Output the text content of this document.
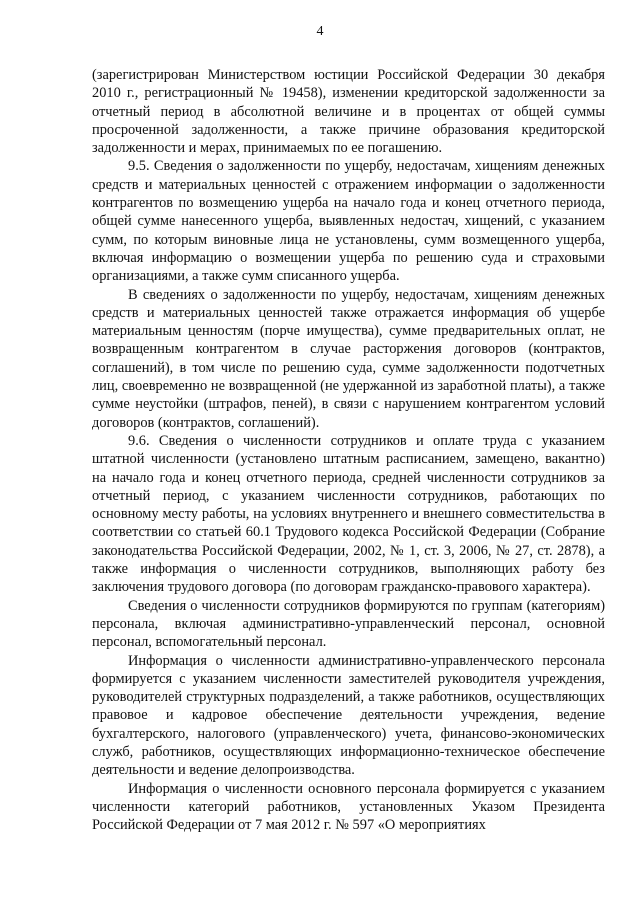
4

(зарегистрирован Министерством юстиции Российской Федерации 30 декабря 2010 г., регистрационный № 19458), изменении кредиторской задолженности за отчетный период в абсолютной величине и в процентах от общей суммы просроченной задолженности, а также причине образования кредиторской задолженности и мерах, принимаемых по ее погашению.

9.5. Сведения о задолженности по ущербу, недостачам, хищениям денежных средств и материальных ценностей с отражением информации о задолженности контрагентов по возмещению ущерба на начало года и конец отчетного периода, общей сумме нанесенного ущерба, выявленных недостач, хищений, с указанием сумм, по которым виновные лица не установлены, сумм возмещенного ущерба, включая информацию о возмещении ущерба по решению суда и страховыми организациями, а также сумм списанного ущерба.

В сведениях о задолженности по ущербу, недостачам, хищениям денежных средств и материальных ценностей также отражается информация об ущербе материальным ценностям (порче имущества), сумме предварительных оплат, не возвращенным контрагентом в случае расторжения договоров (контрактов, соглашений), в том числе по решению суда, сумме задолженности подотчетных лиц, своевременно не возвращенной (не удержанной из заработной платы), а также сумме неустойки (штрафов, пеней), в связи с нарушением контрагентом условий договоров (контрактов, соглашений).

9.6. Сведения о численности сотрудников и оплате труда с указанием штатной численности (установлено штатным расписанием, замещено, вакантно) на начало года и конец отчетного периода, средней численности сотрудников за отчетный период, с указанием численности сотрудников, работающих по основному месту работы, на условиях внутреннего и внешнего совместительства в соответствии со статьей 60.1 Трудового кодекса Российской Федерации (Собрание законодательства Российской Федерации, 2002, № 1, ст. 3, 2006, № 27, ст. 2878), а также информация о численности сотрудников, выполняющих работу без заключения трудового договора (по договорам гражданско-правового характера).

Сведения о численности сотрудников формируются по группам (категориям) персонала, включая административно-управленческий персонал, основной персонал, вспомогательный персонал.

Информация о численности административно-управленческого персонала формируется с указанием численности заместителей руководителя учреждения, руководителей структурных подразделений, а также работников, осуществляющих правовое и кадровое обеспечение деятельности учреждения, ведение бухгалтерского, налогового (управленческого) учета, финансово-экономических служб, работников, осуществляющих информационно-техническое обеспечение деятельности и ведение делопроизводства.

Информация о численности основного персонала формируется с указанием численности категорий работников, установленных Указом Президента Российской Федерации от 7 мая 2012 г. № 597 «О мероприятиях
